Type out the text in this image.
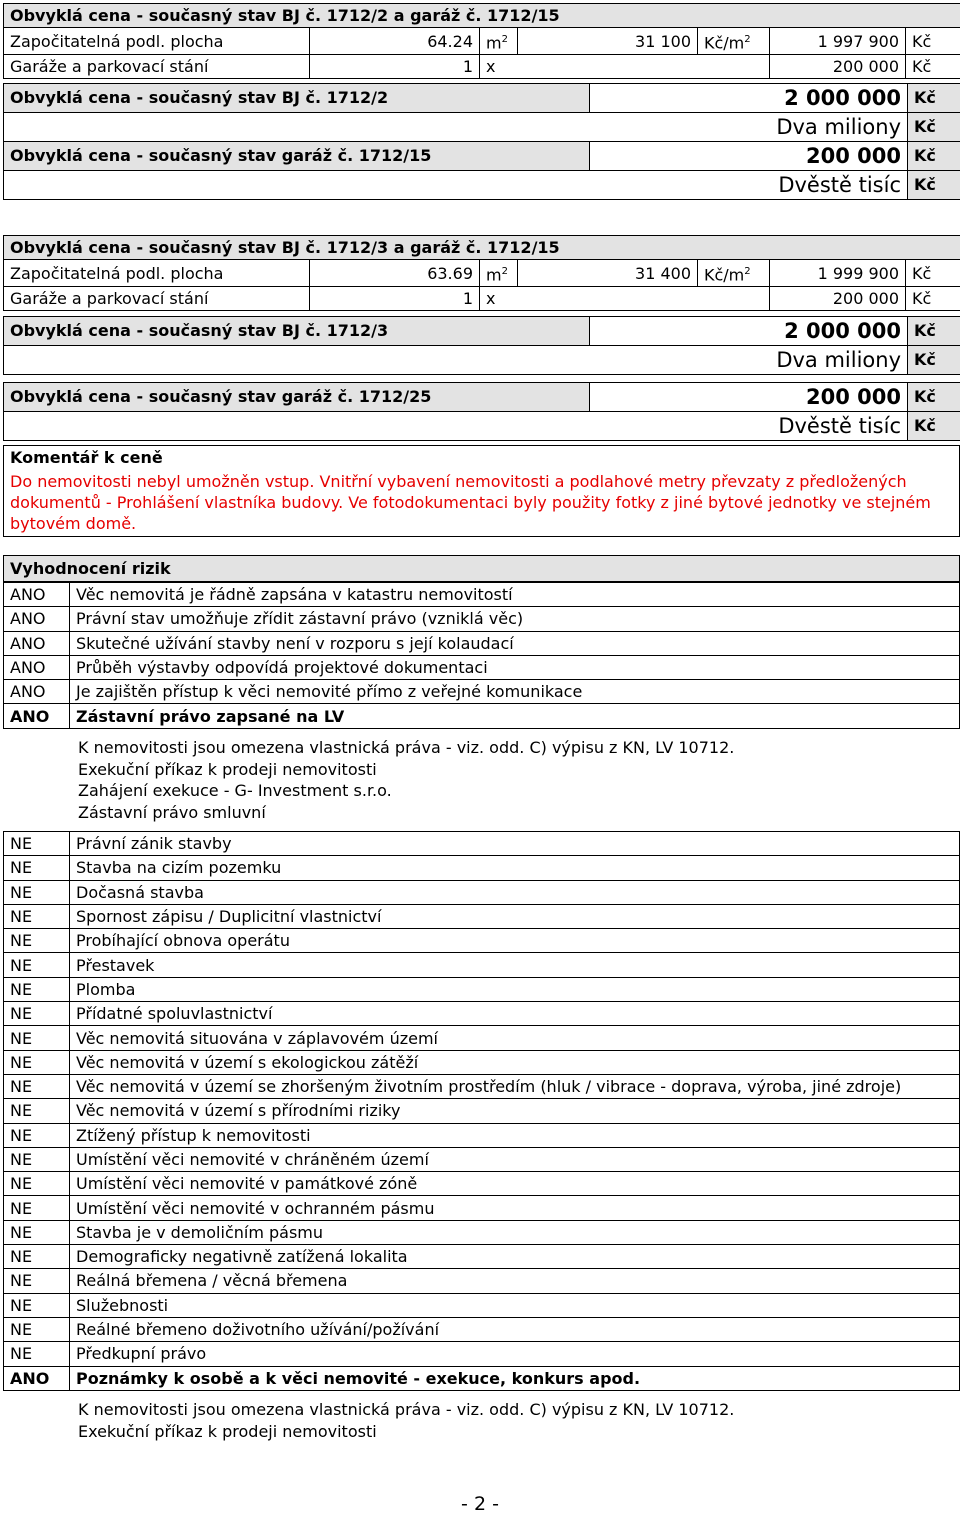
Obvyklá cena - současný stav BJ č. 1712/2 a garáž č. 1712/15						
Započitatelná podl. plocha	64.24	$m^2$	31 100	$Kč/m^2$	1 997 900	Kč
Garáže a parkovací stání	1	x			200 000	Kč
Obvyklá cena - současný stav BJ č. 1712/2	2 000 000	Kč
Dva miliony		Kč
Obvyklá cena - současný stav garáž č. 1712/15	200 000	Kč
Dvěstě tisíc		Kč
Obvyklá cena - současný stav BJ č. 1712/3 a garáž č. 1712/15						
Započitatelná podl. plocha	63.69	$m^2$	31 400	$Kč/m^2$	1 999 900	Kč
Garáže a parkovací stání	1	x			200 000	Kč
Obvyklá cena - současný stav BJ č. 1712/3	2 000 000	Kč
Dva miliony		Kč
Obvyklá cena - současný stav garáž č. 1712/25	200 000	Kč
Dvěstě tisíc		Kč
Komentář k ceně
Do nemovitosti nebyl umožněn vstup. Vnitřní vybavení nemovitosti a podlahové metry převzaty z předložených dokumentů - Prohlášení vlastníka budovy. Ve fotodokumentaci byly použity fotky z jiné bytové jednotky ve stejném bytovém domě.
Vyhodnocení rizik
ANO	Věc nemovitá je řádně zapsána v katastru nemovitostí
ANO	Právní stav umožňuje zřídit zástavní právo (vzniklá věc)
ANO	Skutečné užívání stavby není v rozporu s její kolaudací
ANO	Průběh výstavby odpovídá projektové dokumentaci
ANO	Je zajištěn přístup k věci nemovité přímo z veřejné komunikace
ANO	Zástavní právo zapsané na LV
K nemovitosti jsou omezena vlastnická práva - viz. odd. C) výpisu z KN, LV 10712.
Exekuční příkaz k prodeji nemovitosti
Zahájení exekuce - G- Investment s.r.o.
Zástavní právo smluvní
NE	Právní zánik stavby
NE	Stavba na cizím pozemku
NE	Dočasná stavba
NE	Spornost zápisu / Duplicitní vlastnictví
NE	Probíhající obnova operátu
NE	Přestavek
NE	Plomba
NE	Přídatné spoluvlastnictví
NE	Věc nemovitá situována v záplavovém území
NE	Věc nemovitá v území s ekologickou zátěží
NE	Věc nemovitá v území se zhoršeným životním prostředím (hluk / vibrace - doprava, výroba, jiné zdroje)
NE	Věc nemovitá v území s přírodními riziky
NE	Ztížený přístup k nemovitosti
NE	Umístění věci nemovité v chráněném území
NE	Umístění věci nemovité v památkové zóně
NE	Umístění věci nemovité v ochranném pásmu
NE	Stavba je v demoličním pásmu
NE	Demograficky negativně zatížená lokalita
NE	Reálná břemena / věcná břemena
NE	Služebnosti
NE	Reálné břemeno doživotního užívání/požívání
NE	Předkupní právo
ANO	Poznámky k osobě a k věci nemovité - exekuce, konkurs apod.
K nemovitosti jsou omezena vlastnická práva - viz. odd. C) výpisu z KN, LV 10712.
Exekuční příkaz k prodeji nemovitosti
- 2 -
